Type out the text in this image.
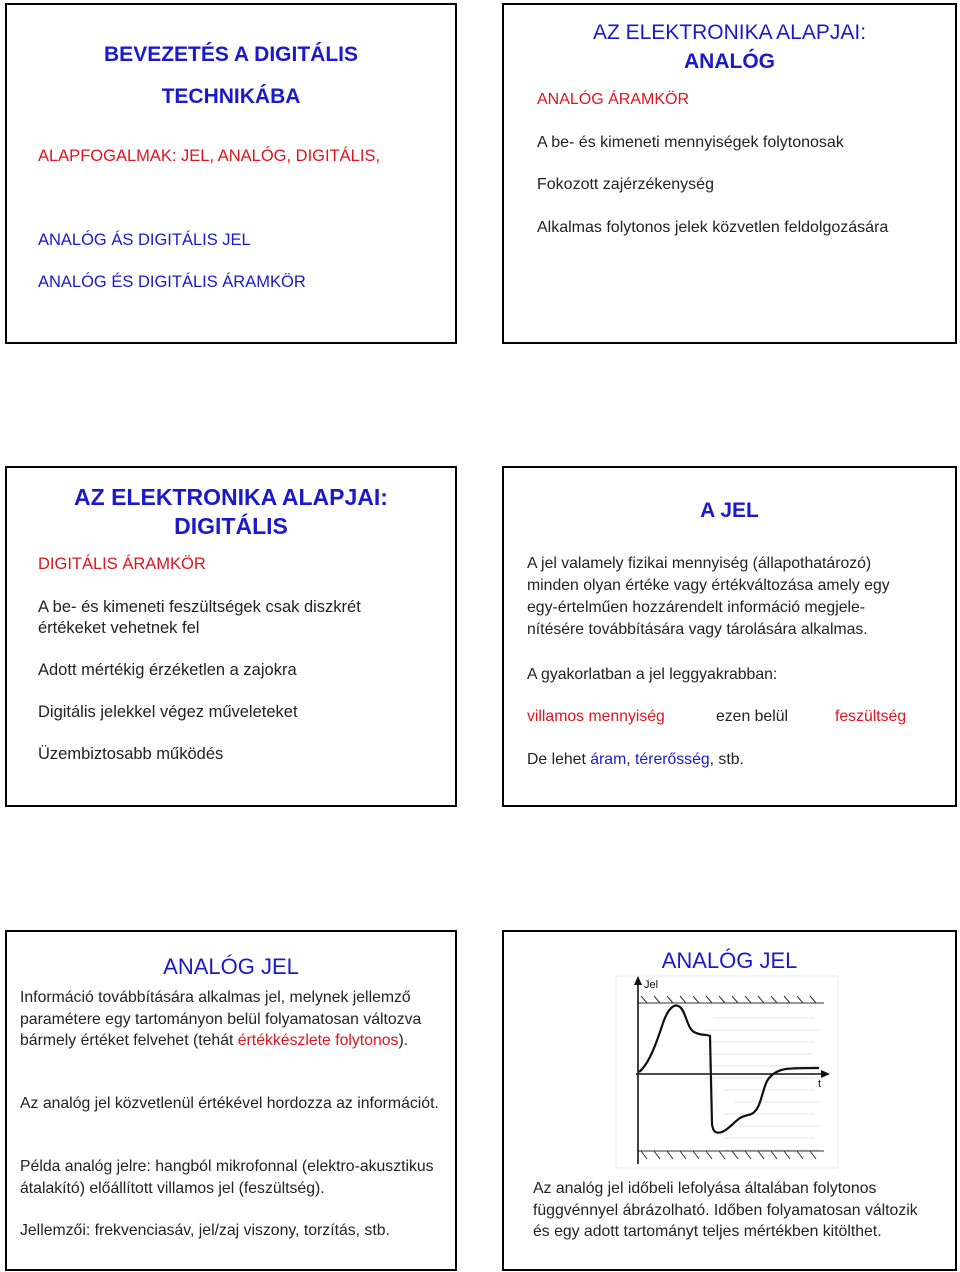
BEVEZETÉS A DIGITÁLIS
TECHNIKÁBA
ALAPFOGALMAK: JEL, ANALÓG, DIGITÁLIS,
ANALÓG ÁS DIGITÁLIS JEL
ANALÓG ÉS DIGITÁLIS ÁRAMKÖR
AZ ELEKTRONIKA ALAPJAI:
ANALÓG
ANALÓG ÁRAMKÖR
A be- és kimeneti mennyiségek folytonosak
Fokozott zajérzékenység
Alkalmas folytonos jelek közvetlen feldolgozására
AZ ELEKTRONIKA ALAPJAI:
DIGITÁLIS
DIGITÁLIS ÁRAMKÖR
A be- és kimeneti feszültségek csak diszkrét
értékeket vehetnek fel
Adott mértékig érzéketlen a zajokra
Digitális jelekkel végez műveleteket
Üzembiztosabb működés
A JEL
A jel valamely fizikai mennyiség (állapothatározó)
minden olyan értéke vagy értékváltozása amely egy
egy-értelműen hozzárendelt információ megjele-
nítésére továbbítására vagy tárolására alkalmas.
A gyakorlatban a jel leggyakrabban:
villamos mennyiség	ezen belül	feszültség
De lehet áram, térerősség, stb.
ANALÓG JEL
Információ továbbítására alkalmas jel, melynek jellemző paramétere egy tartományon belül folyamatosan változva bármely értéket felvehet (tehát értékkészlete folytonos).
Az analóg jel közvetlenül értékével hordozza az információt.
Példa analóg jelre: hangból mikrofonnal (elektro-akusztikus átalakító) előállított villamos jel (feszültség).
Jellemzői: frekvenciasáv, jel/zaj viszony, torzítás, stb.
ANALÓG JEL
Jel
t
Az analóg jel időbeli lefolyása általában folytonos függvénnyel ábrázolható. Időben folyamatosan változik és egy adott tartományt teljes mértékben kitölthet.
